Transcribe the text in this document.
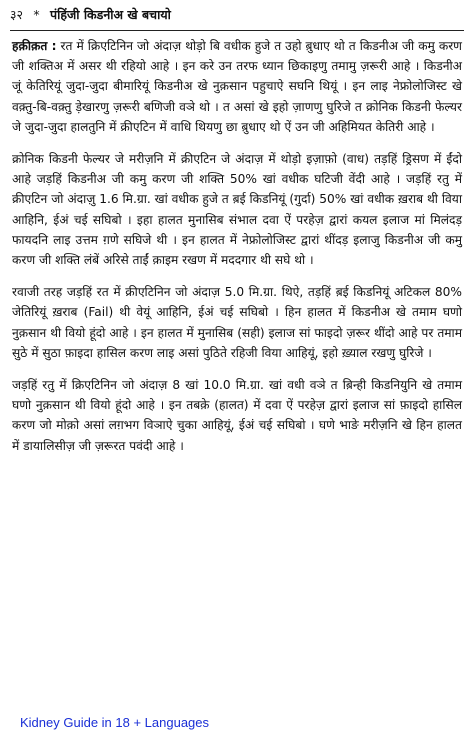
३२ * पंहिंजी किडनीअ खे बचायो

हक़ीक़त : रत में क्रिएटिनिन जो अंदाज़ थोड़ो बि वधीक हुजे त उहो ब़ुधाए थो त किडनीअ जी कमु करण जी शक्तिअ में असर थी रहियो आहे । इन करे उन तरफ ध्यान छिकाइणु तमामु ज़रूरी आहे । किडनीअ जूं केतिरियूं जुदा-जुदा बीमारियूं किडनीअ खे नुक़सान पहुचाऐ सघनि थियूं । इन लाइ नेफ्रोलोजिस्ट खे वक़्तु-बि-वक़्तु ड़ेखारणु ज़रूरी बणिजी वञे थो । त असां खे इहो ज़ाणणु घुरिजे त क्रोनिक किडनी फेल्यर जे जुदा-जुदा हालतुनि में क्रीएटिन में वाधि थियणु छा ब़ुधाए थो ऐं उन जी अहिमियत केतिरी आहे ।

क्रोनिक किडनी फेल्यर जे मरीज़नि में क्रीएटिन जे अंदाज़ में थोड़ो इज़ाफ़ो (वाध) तड़हिं ड्रिसण में ईंदो आहे जड़हिं किडनीअ जी कमु करण जी शक्ति 50% खां वधीक घटिजी वेंदी आहे । जड़हिं रतु में क्रीएटिन जो अंदाज़ु 1.6 मि.ग्रा. खां वधीक हुजे त ब़ई किडनियूं (गुर्दा) 50% खां वधीक ख़राब थी विया आहिनि, ईअं चई सघिबो । इहा हालत मुनासिब संभाल दवा ऐं परहेज़ द्वारां कयल इलाज मां मिलंदड़ फायदनि लाइ उत्तम ग़णे सघिजे थी । इन हालत में नेफ्रोलोजिस्ट द्वारां थींदड़ इलाजु किडनीअ जी कमु करण जी शक्ति लंबें अरिसे ताईं क़ाइम रखण में मददगार थी सघे थो ।

रवाजी तरह जड़हिं रत में क्रीएटिनिन जो अंदाज़ 5.0 मि.ग्रा. थिऐ, तड़हिं ब़ई किडनियूं अटिकल 80% जेतिरियूं ख़राब (Fail) थी वेयूं आहिनि, ईअं चई सघिबो । हिन हालत में किडनीअ खे तमाम घणो नुक़सान थी वियो हूंदो आहे । इन हालत में मुनासिब (सही) इलाज सां फाइदो ज़रूर थींदो आहे पर तमाम सुठे में सुठा फ़ाइदा हासिल करण लाइ असां पुठिते रहिजी विया आहियूं, इहो ख़्याल रखणु घुरिजे ।

जड़हिं रतु में क्रिएटिनिन जो अंदाज़ 8 खां 10.0 मि.ग्रा. खां वधी वञे त ब़िन्ही किडनियुनि खे तमाम घणो नुक़सान थी वियो हूंदो आहे । इन तबक़े (हालत) में दवा ऐं परहेज़ द्वारां इलाज सां फ़ाइदो हासिल करण जो मोक़ो असां लग़भग विञाऐ चुका आहियूं, ईअं चई सघिबो । घणे भाङे मरीज़नि खे हिन हालत में डायालिसीज़ जी ज़रूरत पवंदी आहे ।

Kidney Guide in 18 + Languages
